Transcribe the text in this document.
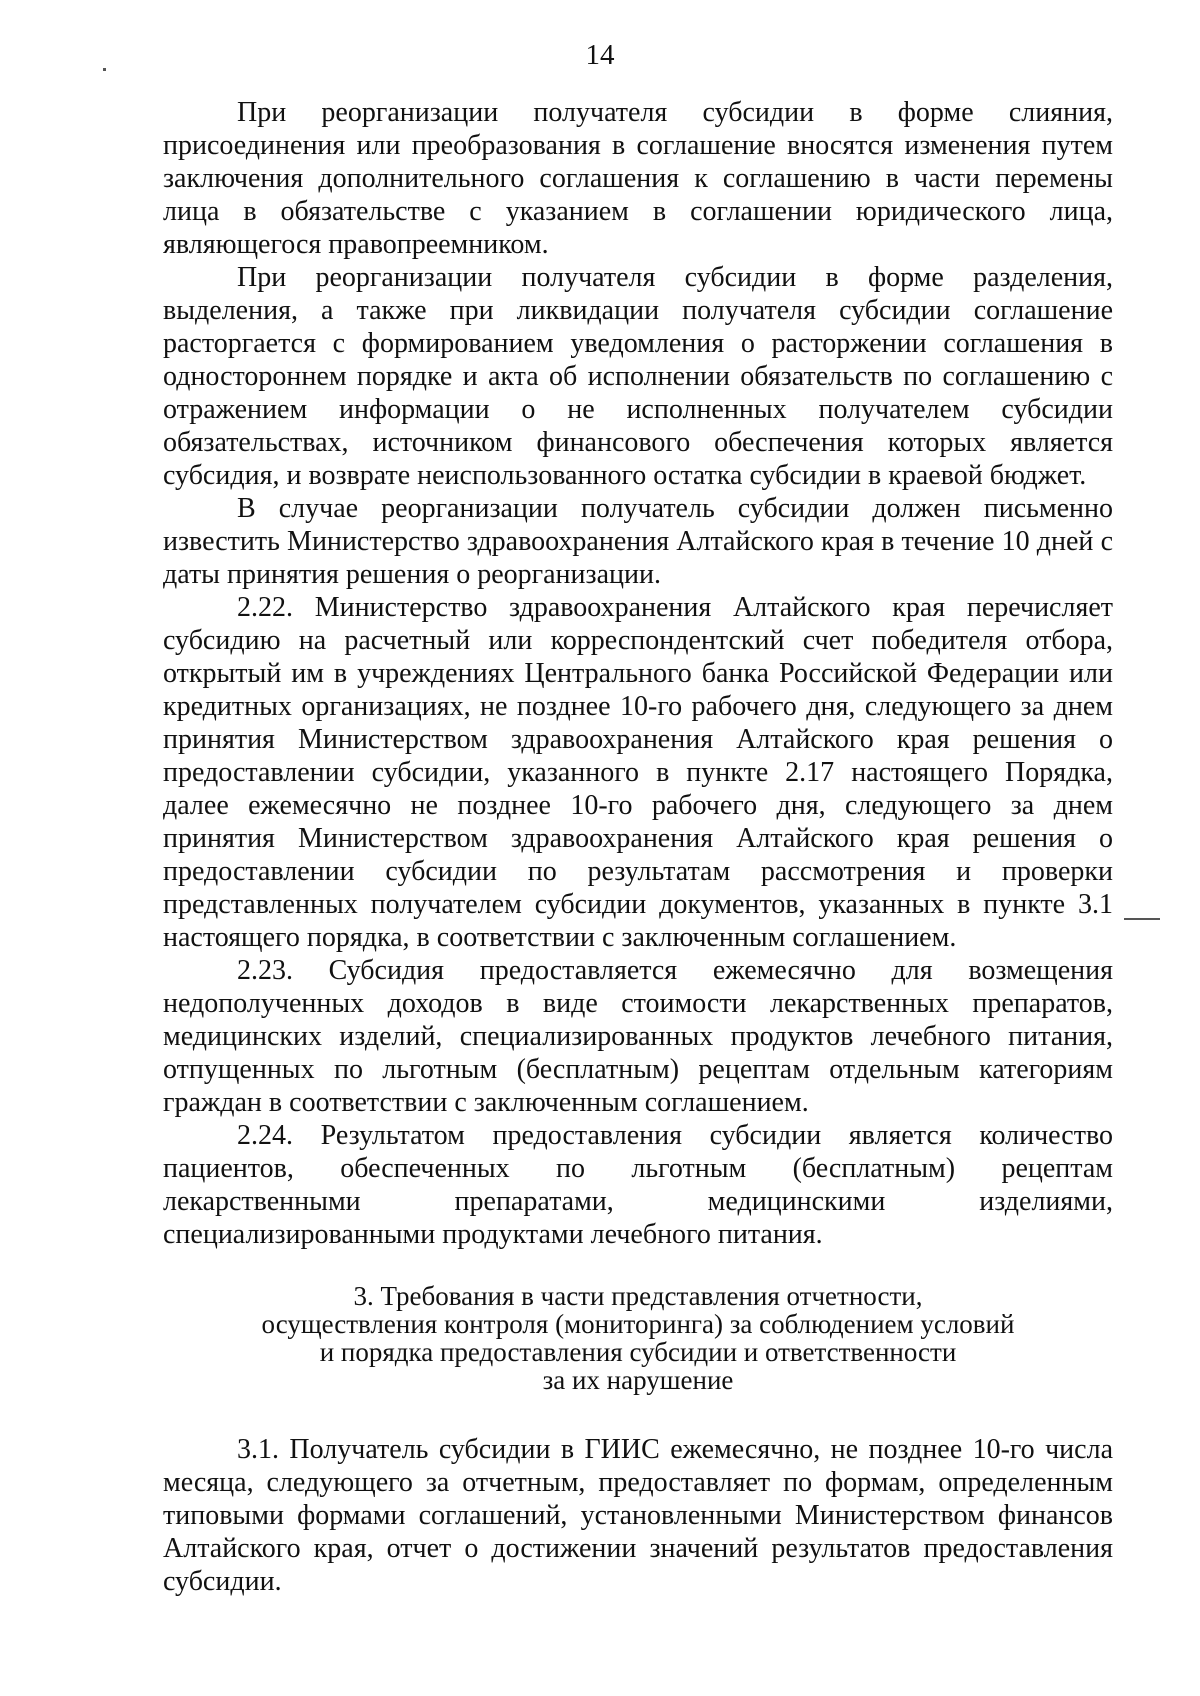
14

При реорганизации получателя субсидии в форме слияния, присоединения или преобразования в соглашение вносятся изменения путем заключения дополнительного соглашения к соглашению в части перемены лица в обязательстве с указанием в соглашении юридического лица, являющегося правопреемником.

При реорганизации получателя субсидии в форме разделения, выделения, а также при ликвидации получателя субсидии соглашение расторгается с формированием уведомления о расторжении соглашения в одностороннем порядке и акта об исполнении обязательств по соглашению с отражением информации о не исполненных получателем субсидии обязательствах, источником финансового обеспечения которых является субсидия, и возврате неиспользованного остатка субсидии в краевой бюджет.

В случае реорганизации получатель субсидии должен письменно известить Министерство здравоохранения Алтайского края в течение 10 дней с даты принятия решения о реорганизации.

2.22. Министерство здравоохранения Алтайского края перечисляет субсидию на расчетный или корреспондентский счет победителя отбора, открытый им в учреждениях Центрального банка Российской Федерации или кредитных организациях, не позднее 10-го рабочего дня, следующего за днем принятия Министерством здравоохранения Алтайского края решения о предоставлении субсидии, указанного в пункте 2.17 настоящего Порядка, далее ежемесячно не позднее 10-го рабочего дня, следующего за днем принятия Министерством здравоохранения Алтайского края решения о предоставлении субсидии по результатам рассмотрения и проверки представленных получателем субсидии документов, указанных в пункте 3.1 настоящего порядка, в соответствии с заключенным соглашением.

2.23. Субсидия предоставляется ежемесячно для возмещения недополученных доходов в виде стоимости лекарственных препаратов, медицинских изделий, специализированных продуктов лечебного питания, отпущенных по льготным (бесплатным) рецептам отдельным категориям граждан в соответствии с заключенным соглашением.

2.24. Результатом предоставления субсидии является количество пациентов, обеспеченных по льготным (бесплатным) рецептам лекарственными препаратами, медицинскими изделиями, специализированными продуктами лечебного питания.

3. Требования в части представления отчетности,
осуществления контроля (мониторинга) за соблюдением условий
и порядка предоставления субсидии и ответственности
за их нарушение

3.1. Получатель субсидии в ГИИС ежемесячно, не позднее 10-го числа месяца, следующего за отчетным, предоставляет по формам, определенным типовыми формами соглашений, установленными Министерством финансов Алтайского края, отчет о достижении значений результатов предоставления субсидии.
